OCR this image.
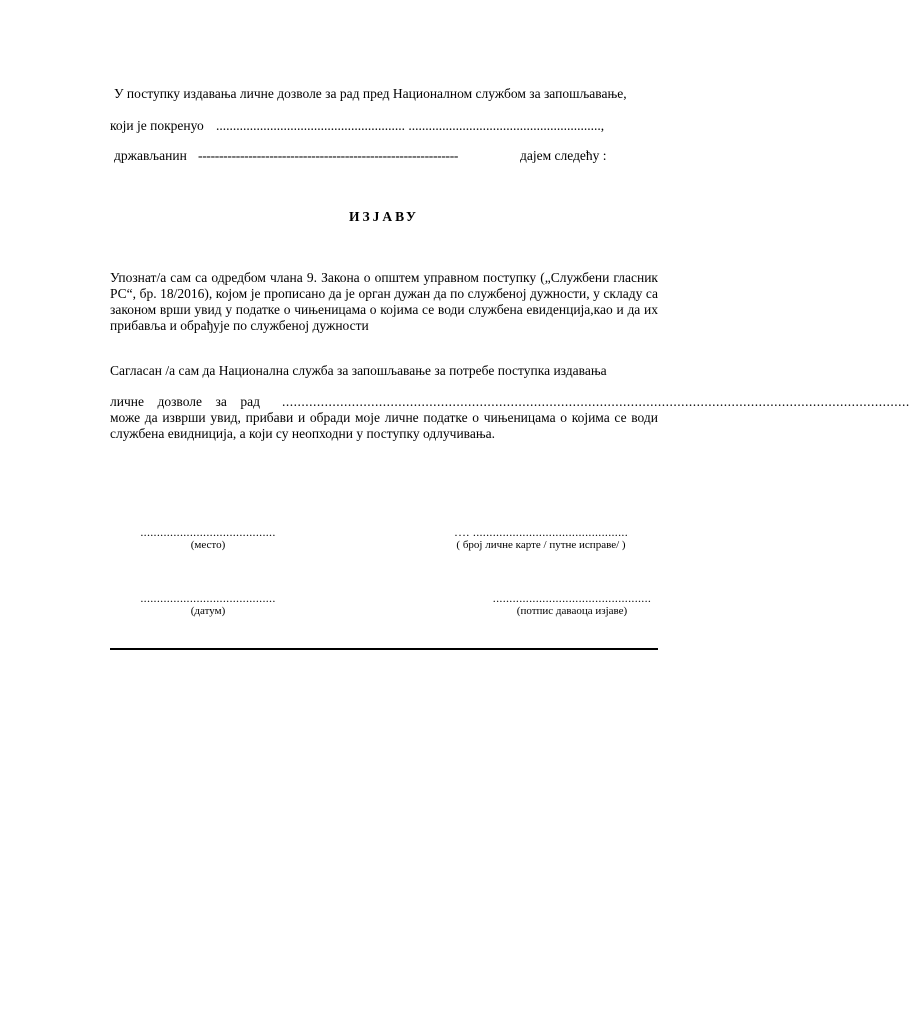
У поступку издавања личне дозволе за рад пред Националном службом за запошљавање,
који је покренуо ........................................................ .........................................................,
држављанин --------------------------------------------------------------	дајем следећу :
ИЗЈАВУ
Упознат/а сам са одредбом члана 9. Закона о општем управном поступку („Службени гласник РС“, бр. 18/2016), којом је прописано да је орган дужан да по службеној дужности, у складу са законом врши увид у податке о чињеницама о којима се води службена евиденција,као и да их прибавља и обрађује по службеној дужности
Сагласан /а сам да Национална служба за запошљавање за потребе поступка издавања
личне    дозволе    за    рад ..................................................................................................................................................................
може да изврши увид, прибави и обради моје личне податке о чињеницама о којима се води службена евидниција, а који су неопходни у поступку одлучивања.
.........................................
(место)
…. ...............................................
( број личне карте / путне исправе/ )
.........................................
(датум)
................................................
(потпис даваоца изјаве)
